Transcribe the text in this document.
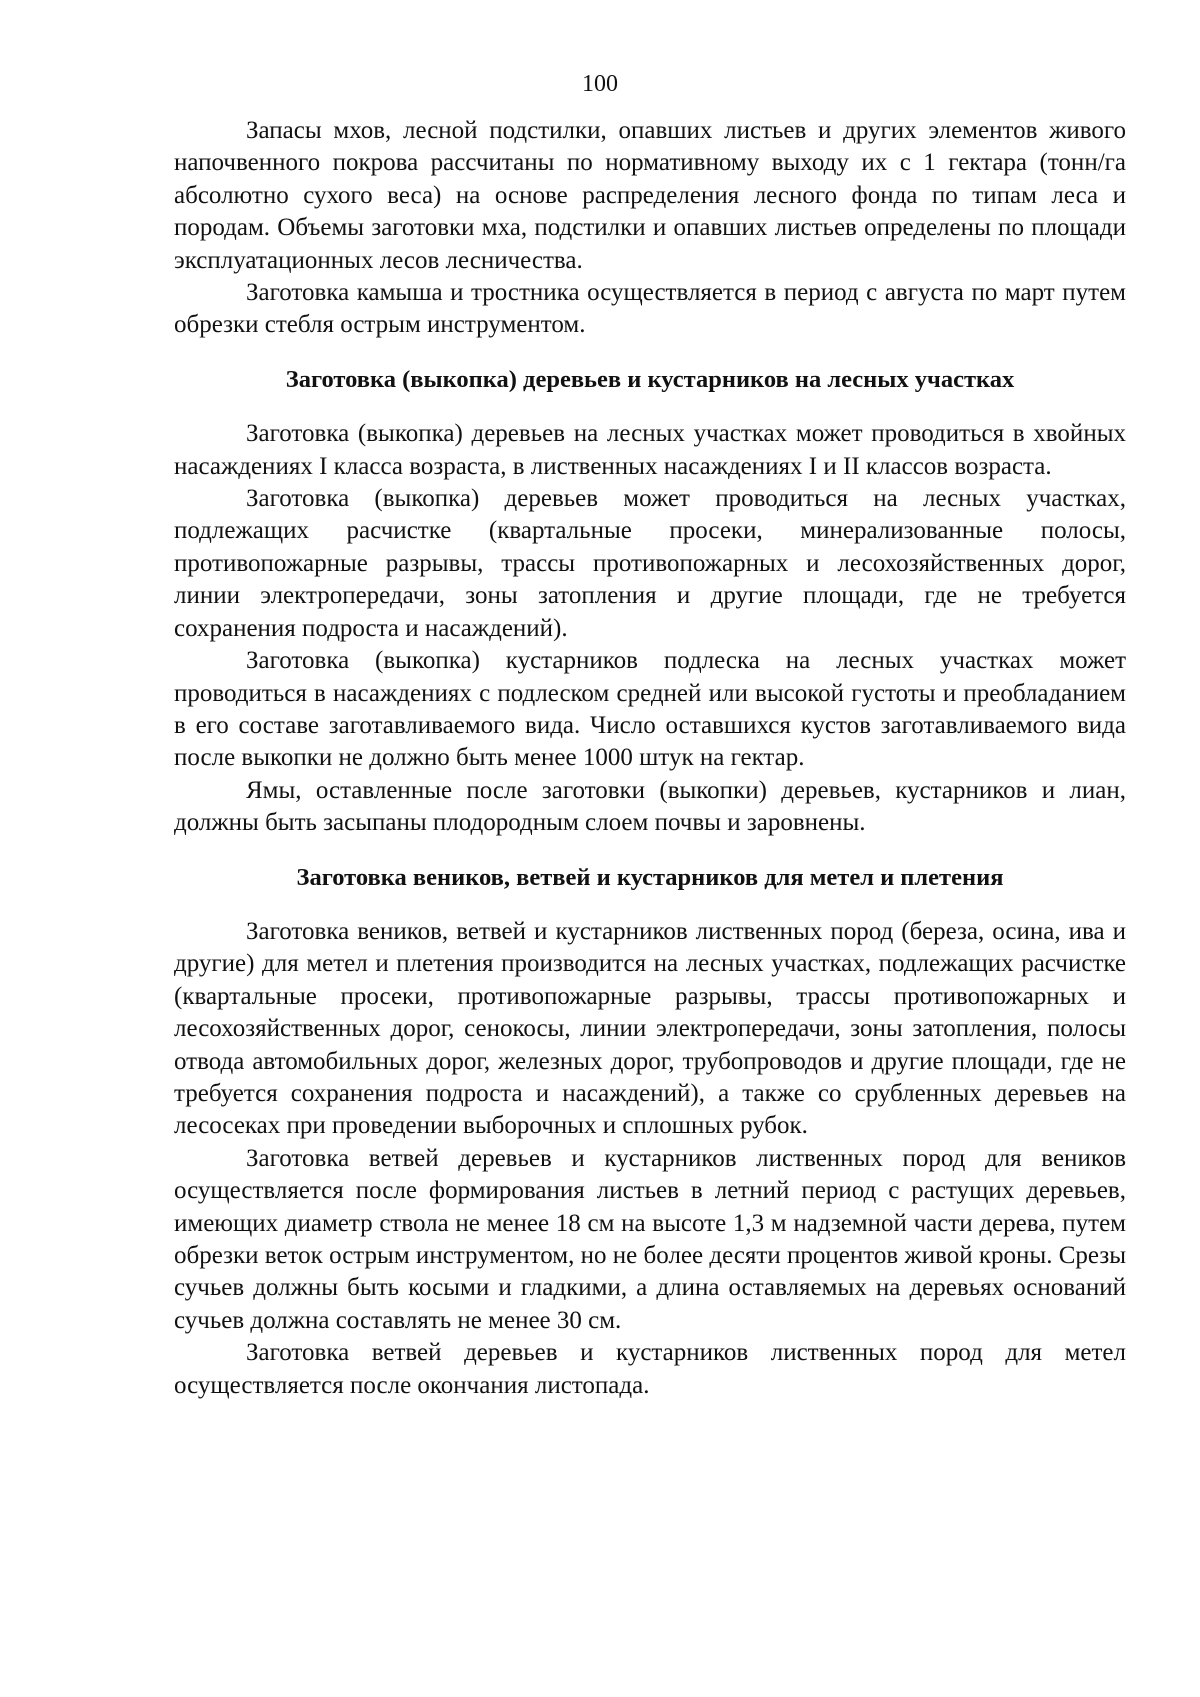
100

Запасы мхов, лесной подстилки, опавших листьев и других элементов живого напочвенного покрова рассчитаны по нормативному выходу их с 1 гектара (тонн/га абсолютно сухого веса) на основе распределения лесного фонда по типам леса и породам. Объемы заготовки мха, подстилки и опавших листьев определены по площади эксплуатационных лесов лесничества.

Заготовка камыша и тростника осуществляется в период с августа по март путем обрезки стебля острым инструментом.

Заготовка (выкопка) деревьев и кустарников на лесных участках

Заготовка (выкопка) деревьев на лесных участках может проводиться в хвойных насаждениях I класса возраста, в лиственных насаждениях I и II классов возраста.

Заготовка (выкопка) деревьев может проводиться на лесных участках, подлежащих расчистке (квартальные просеки, минерализованные полосы, противопожарные разрывы, трассы противопожарных и лесохозяйственных дорог, линии электропередачи, зоны затопления и другие площади, где не требуется сохранения подроста и насаждений).

Заготовка (выкопка) кустарников подлеска на лесных участках может проводиться в насаждениях с подлеском средней или высокой густоты и преобладанием в его составе заготавливаемого вида. Число оставшихся кустов заготавливаемого вида после выкопки не должно быть менее 1000 штук на гектар.

Ямы, оставленные после заготовки (выкопки) деревьев, кустарников и лиан, должны быть засыпаны плодородным слоем почвы и заровнены.

Заготовка веников, ветвей и кустарников для метел и плетения

Заготовка веников, ветвей и кустарников лиственных пород (береза, осина, ива и другие) для метел и плетения производится на лесных участках, подлежащих расчистке (квартальные просеки, противопожарные разрывы, трассы противопожарных и лесохозяйственных дорог, сенокосы, линии электропередачи, зоны затопления, полосы отвода автомобильных дорог, железных дорог, трубопроводов и другие площади, где не требуется сохранения подроста и насаждений), а также со срубленных деревьев на лесосеках при проведении выборочных и сплошных рубок.

Заготовка ветвей деревьев и кустарников лиственных пород для веников осуществляется после формирования листьев в летний период с растущих деревьев, имеющих диаметр ствола не менее 18 см на высоте 1,3 м надземной части дерева, путем обрезки веток острым инструментом, но не более десяти процентов живой кроны. Срезы сучьев должны быть косыми и гладкими, а длина оставляемых на деревьях оснований сучьев должна составлять не менее 30 см.

Заготовка ветвей деревьев и кустарников лиственных пород для метел осуществляется после окончания листопада.
